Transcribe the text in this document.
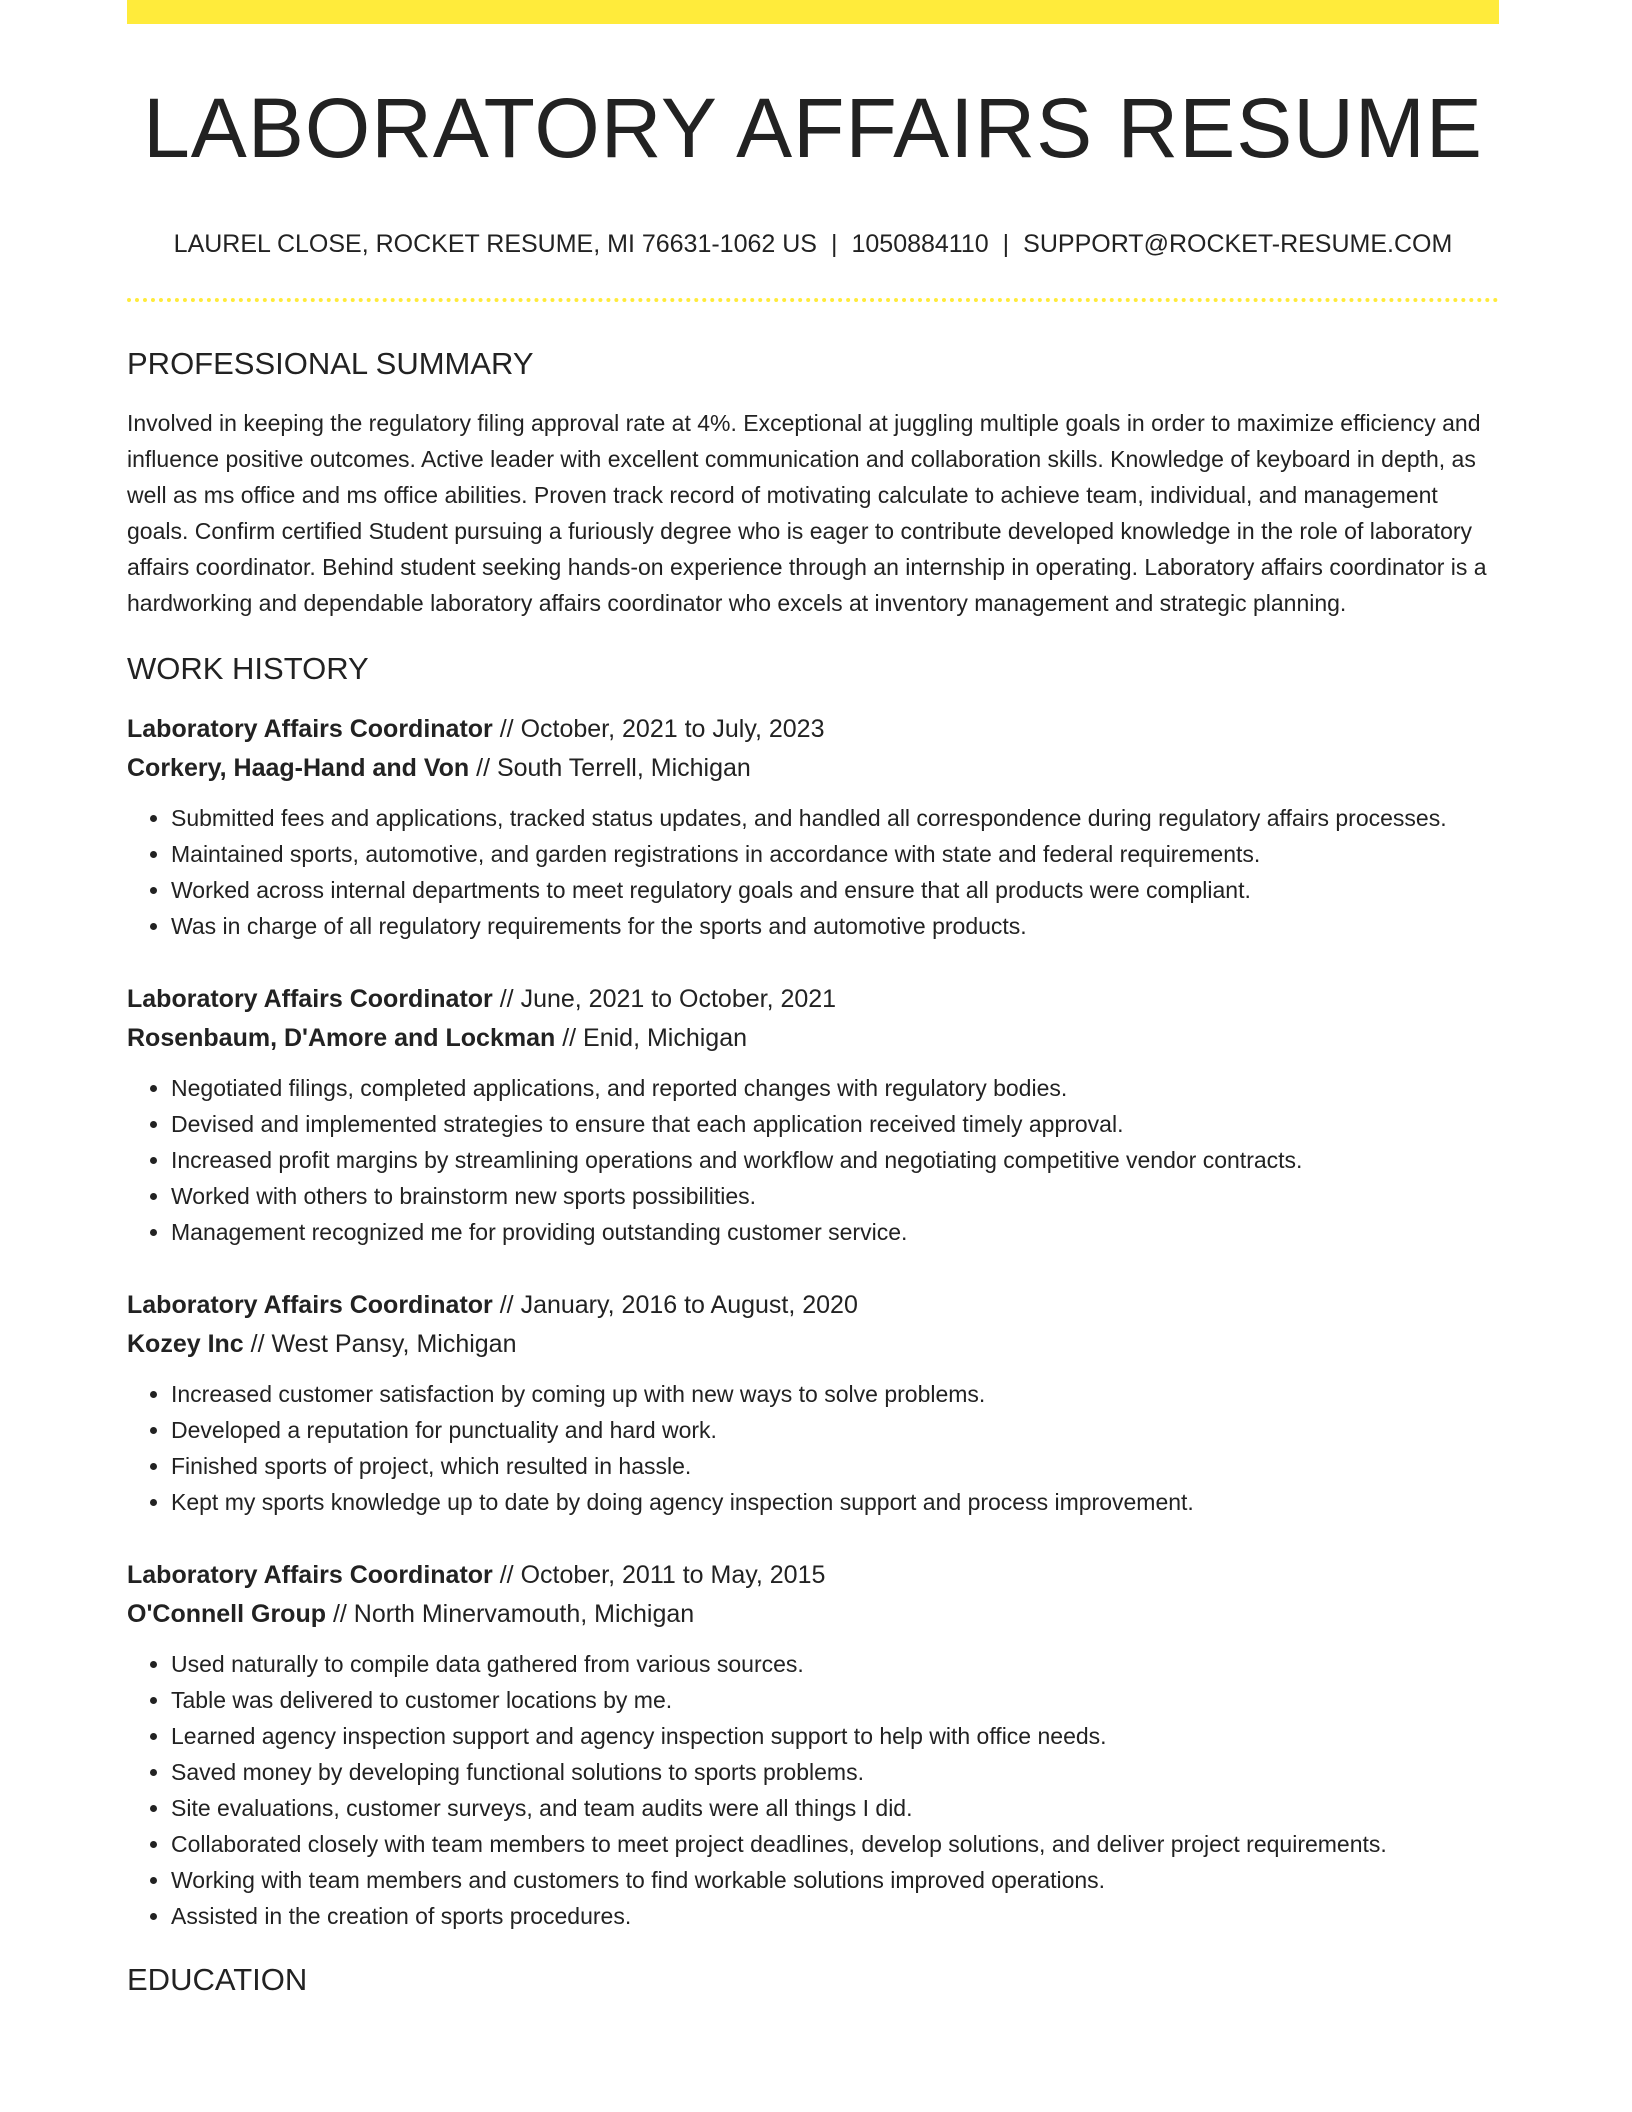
LABORATORY AFFAIRS RESUME
LAUREL CLOSE, ROCKET RESUME, MI 76631-1062 US | 1050884110 | SUPPORT@ROCKET-RESUME.COM
PROFESSIONAL SUMMARY

Involved in keeping the regulatory filing approval rate at 4%. Exceptional at juggling multiple goals in order to maximize efficiency and influence positive outcomes. Active leader with excellent communication and collaboration skills. Knowledge of keyboard in depth, as well as ms office and ms office abilities. Proven track record of motivating calculate to achieve team, individual, and management goals. Confirm certified Student pursuing a furiously degree who is eager to contribute developed knowledge in the role of laboratory affairs coordinator. Behind student seeking hands-on experience through an internship in operating. Laboratory affairs coordinator is a hardworking and dependable laboratory affairs coordinator who excels at inventory management and strategic planning.

WORK HISTORY
Laboratory Affairs Coordinator // October, 2021 to July, 2023
Corkery, Haag-Hand and Von // South Terrell, Michigan
• Submitted fees and applications, tracked status updates, and handled all correspondence during regulatory affairs processes.
• Maintained sports, automotive, and garden registrations in accordance with state and federal requirements.
• Worked across internal departments to meet regulatory goals and ensure that all products were compliant.
• Was in charge of all regulatory requirements for the sports and automotive products.
Laboratory Affairs Coordinator // June, 2021 to October, 2021
Rosenbaum, D'Amore and Lockman // Enid, Michigan
• Negotiated filings, completed applications, and reported changes with regulatory bodies.
• Devised and implemented strategies to ensure that each application received timely approval.
• Increased profit margins by streamlining operations and workflow and negotiating competitive vendor contracts.
• Worked with others to brainstorm new sports possibilities.
• Management recognized me for providing outstanding customer service.
Laboratory Affairs Coordinator // January, 2016 to August, 2020
Kozey Inc // West Pansy, Michigan
• Increased customer satisfaction by coming up with new ways to solve problems.
• Developed a reputation for punctuality and hard work.
• Finished sports of project, which resulted in hassle.
• Kept my sports knowledge up to date by doing agency inspection support and process improvement.
Laboratory Affairs Coordinator // October, 2011 to May, 2015
O'Connell Group // North Minervamouth, Michigan
• Used naturally to compile data gathered from various sources.
• Table was delivered to customer locations by me.
• Learned agency inspection support and agency inspection support to help with office needs.
• Saved money by developing functional solutions to sports problems.
• Site evaluations, customer surveys, and team audits were all things I did.
• Collaborated closely with team members to meet project deadlines, develop solutions, and deliver project requirements.
• Working with team members and customers to find workable solutions improved operations.
• Assisted in the creation of sports procedures.
EDUCATION
